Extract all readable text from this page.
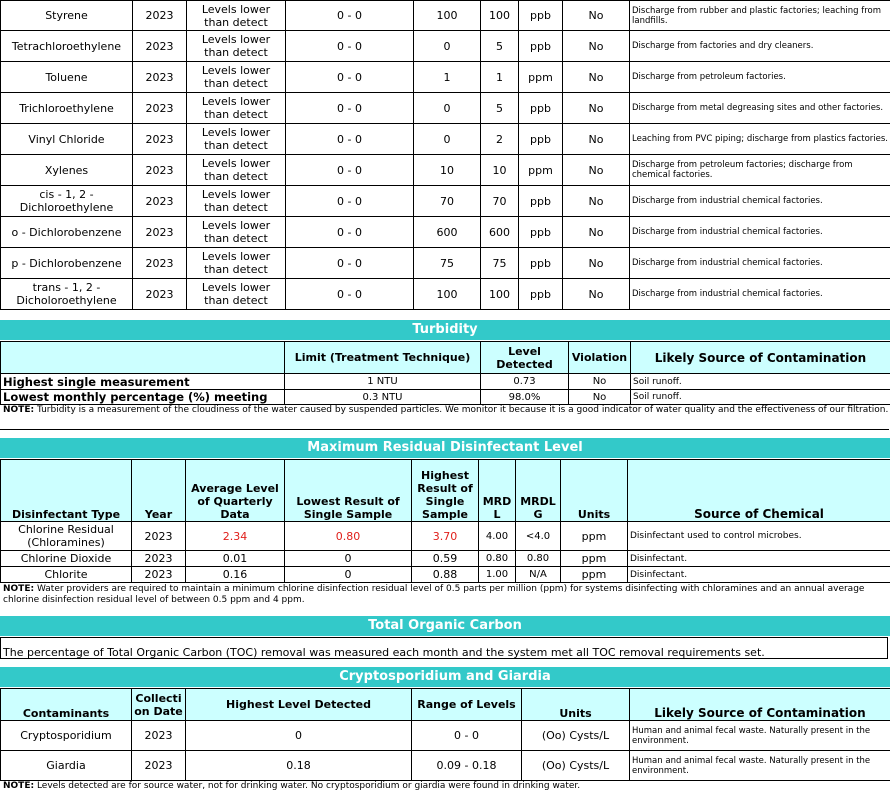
Styrene	2023	Levels lower than detect	0 - 0	100	100	ppb	No	Discharge from rubber and plastic factories; leaching from landfills.
Tetrachloroethylene	2023	Levels lower than detect	0 - 0	0	5	ppb	No	Discharge from factories and dry cleaners.
Toluene	2023	Levels lower than detect	0 - 0	1	1	ppm	No	Discharge from petroleum factories.
Trichloroethylene	2023	Levels lower than detect	0 - 0	0	5	ppb	No	Discharge from metal degreasing sites and other factories.
Vinyl Chloride	2023	Levels lower than detect	0 - 0	0	2	ppb	No	Leaching from PVC piping; discharge from plastics factories.
Xylenes	2023	Levels lower than detect	0 - 0	10	10	ppm	No	Discharge from petroleum factories; discharge from chemical factories.
cis - 1, 2 - Dichloroethylene	2023	Levels lower than detect	0 - 0	70	70	ppb	No	Discharge from industrial chemical factories.
o - Dichlorobenzene	2023	Levels lower than detect	0 - 0	600	600	ppb	No	Discharge from industrial chemical factories.
p - Dichlorobenzene	2023	Levels lower than detect	0 - 0	75	75	ppb	No	Discharge from industrial chemical factories.
trans - 1, 2 - Dicholoroethylene	2023	Levels lower than detect	0 - 0	100	100	ppb	No	Discharge from industrial chemical factories.
Turbidity
	Limit (Treatment Technique)	Level Detected	Violation	Likely Source of Contamination
Highest single measurement	1 NTU	0.73	No	Soil runoff.
Lowest monthly percentage (%) meeting	0.3 NTU	98.0%	No	Soil runoff.
NOTE: Turbidity is a measurement of the cloudiness of the water caused by suspended particles. We monitor it because it is a good indicator of water quality and the effectiveness of our filtration.
Maximum Residual Disinfectant Level
Disinfectant Type	Year	Average Level of Quarterly Data	Lowest Result of Single Sample	Highest Result of Single Sample	MRDL	MRDLG	Units	Source of Chemical
Chlorine Residual (Chloramines)	2023	2.34	0.80	3.70	4.00	<4.0	ppm	Disinfectant used to control microbes.
Chlorine Dioxide	2023	0.01	0	0.59	0.80	0.80	ppm	Disinfectant.
Chlorite	2023	0.16	0	0.88	1.00	N/A	ppm	Disinfectant.
NOTE: Water providers are required to maintain a minimum chlorine disinfection residual level of 0.5 parts per million (ppm) for systems disinfecting with chloramines and an annual average chlorine disinfection residual level of between 0.5 ppm and 4 ppm.
Total Organic Carbon
The percentage of Total Organic Carbon (TOC) removal was measured each month and the system met all TOC removal requirements set.
Cryptosporidium and Giardia
Contaminants	Collection Date	Highest Level Detected	Range of Levels	Units	Likely Source of Contamination
Cryptosporidium	2023	0	0 - 0	(Oo) Cysts/L	Human and animal fecal waste. Naturally present in the environment.
Giardia	2023	0.18	0.09 - 0.18	(Oo) Cysts/L	Human and animal fecal waste. Naturally present in the environment.
NOTE: Levels detected are for source water, not for drinking water. No cryptosporidium or giardia were found in drinking water.
